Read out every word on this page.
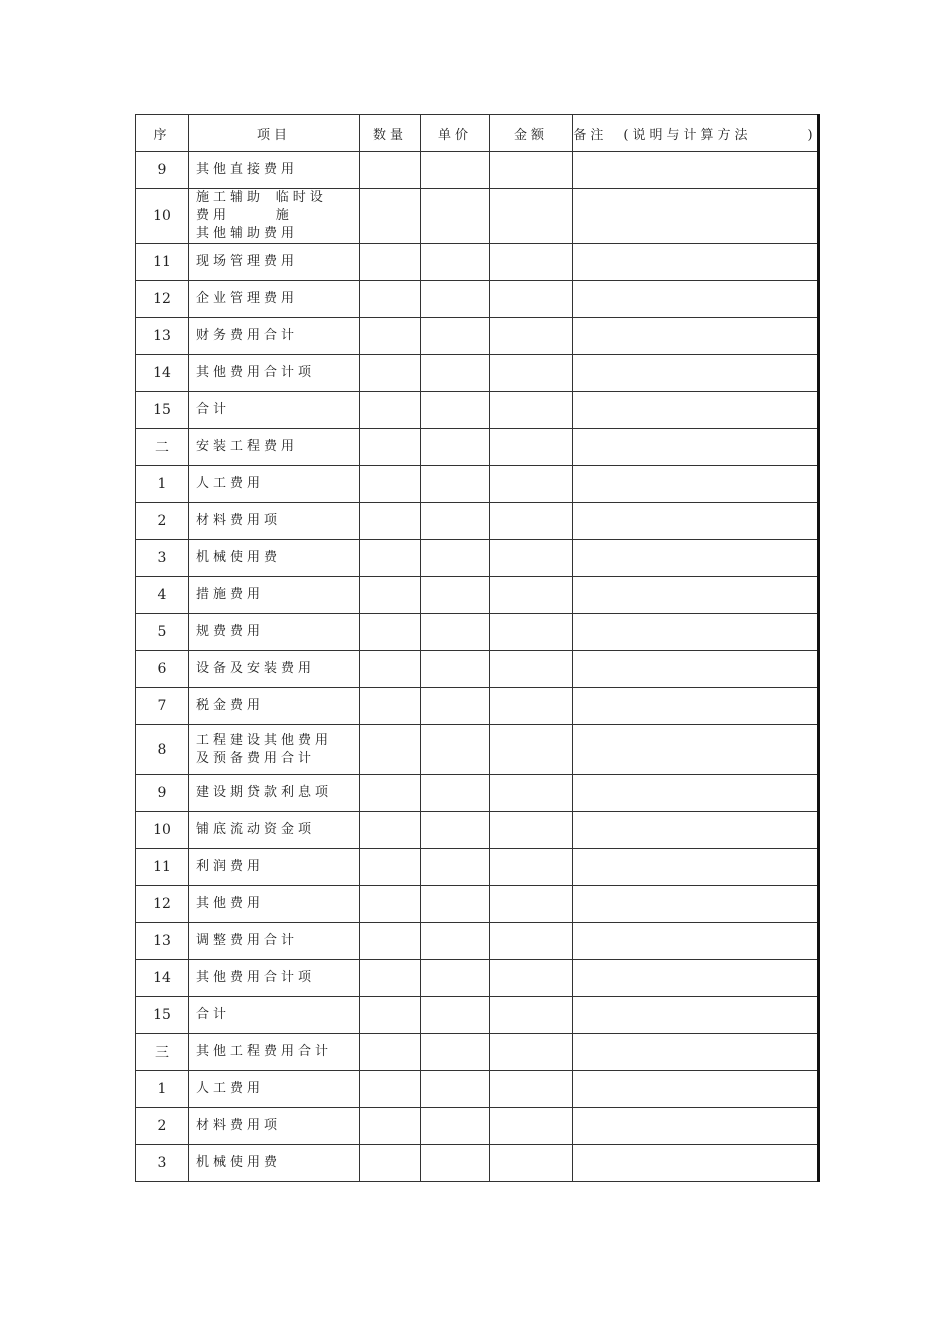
序	项目	数量	单价	金额	备注 (说明与计算方法 )
9	其他直接费用				
10	施工辅助费用
临时设施
其他辅助费用				

11	现场管理费用				
12	企业管理费用				
13	财务费用合计				
14	其他费用合计项				
15	合计				
二	安装工程费用				
1	人工费用				
2	材料费用项				
3	机械使用费				
4	措施费用				
5	规费费用				
6	设备及安装费用				
7	税金费用				
8	工程建设其他费用
及预备费用合计				

9	建设期贷款利息项				
10	铺底流动资金项				
11	利润费用				
12	其他费用				
13	调整费用合计				
14	其他费用合计项				
15	合计				
三	其他工程费用合计				
1	人工费用				
2	材料费用项				
3	机械使用费				
